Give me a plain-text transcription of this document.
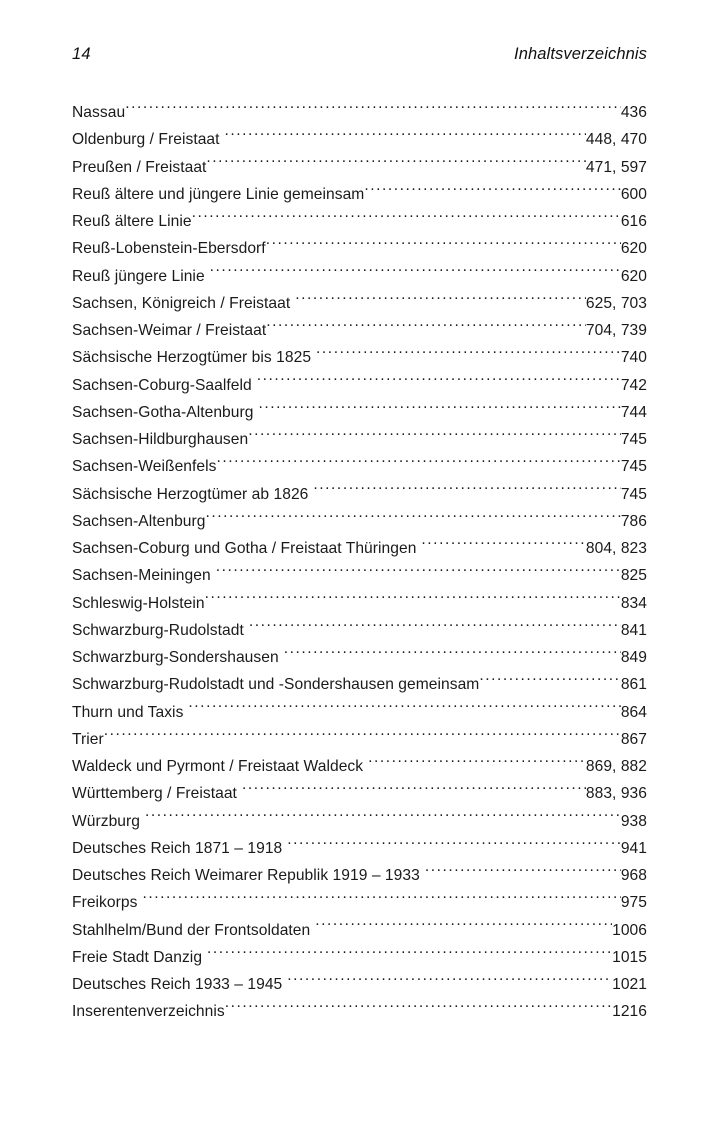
14	Inhaltsverzeichnis
Nassau .....	436
Oldenburg / Freistaat .....	448, 470
Preußen / Freistaat .....	471, 597
Reuß ältere und jüngere Linie gemeinsam .....	600
Reuß ältere Linie .....	616
Reuß-Lobenstein-Ebersdorf .....	620
Reuß jüngere Linie .....	620
Sachsen, Königreich / Freistaat .....	625, 703
Sachsen-Weimar / Freistaat .....	704, 739
Sächsische Herzogtümer bis 1825 .....	740
Sachsen-Coburg-Saalfeld .....	742
Sachsen-Gotha-Altenburg .....	744
Sachsen-Hildburghausen .....	745
Sachsen-Weißenfels .....	745
Sächsische Herzogtümer ab 1826 .....	745
Sachsen-Altenburg .....	786
Sachsen-Coburg und Gotha / Freistaat Thüringen .....	804, 823
Sachsen-Meiningen .....	825
Schleswig-Holstein .....	834
Schwarzburg-Rudolstadt .....	841
Schwarzburg-Sondershausen .....	849
Schwarzburg-Rudolstadt und -Sondershausen gemeinsam .....	861
Thurn und Taxis .....	864
Trier .....	867
Waldeck und Pyrmont / Freistaat Waldeck .....	869, 882
Württemberg / Freistaat .....	883, 936
Würzburg .....	938
Deutsches Reich 1871 – 1918 .....	941
Deutsches Reich Weimarer Republik 1919 – 1933 .....	968
Freikorps .....	975
Stahlhelm/Bund der Frontsoldaten .....	1006
Freie Stadt Danzig .....	1015
Deutsches Reich 1933 – 1945 .....	1021
Inserentenverzeichnis .....	1216
